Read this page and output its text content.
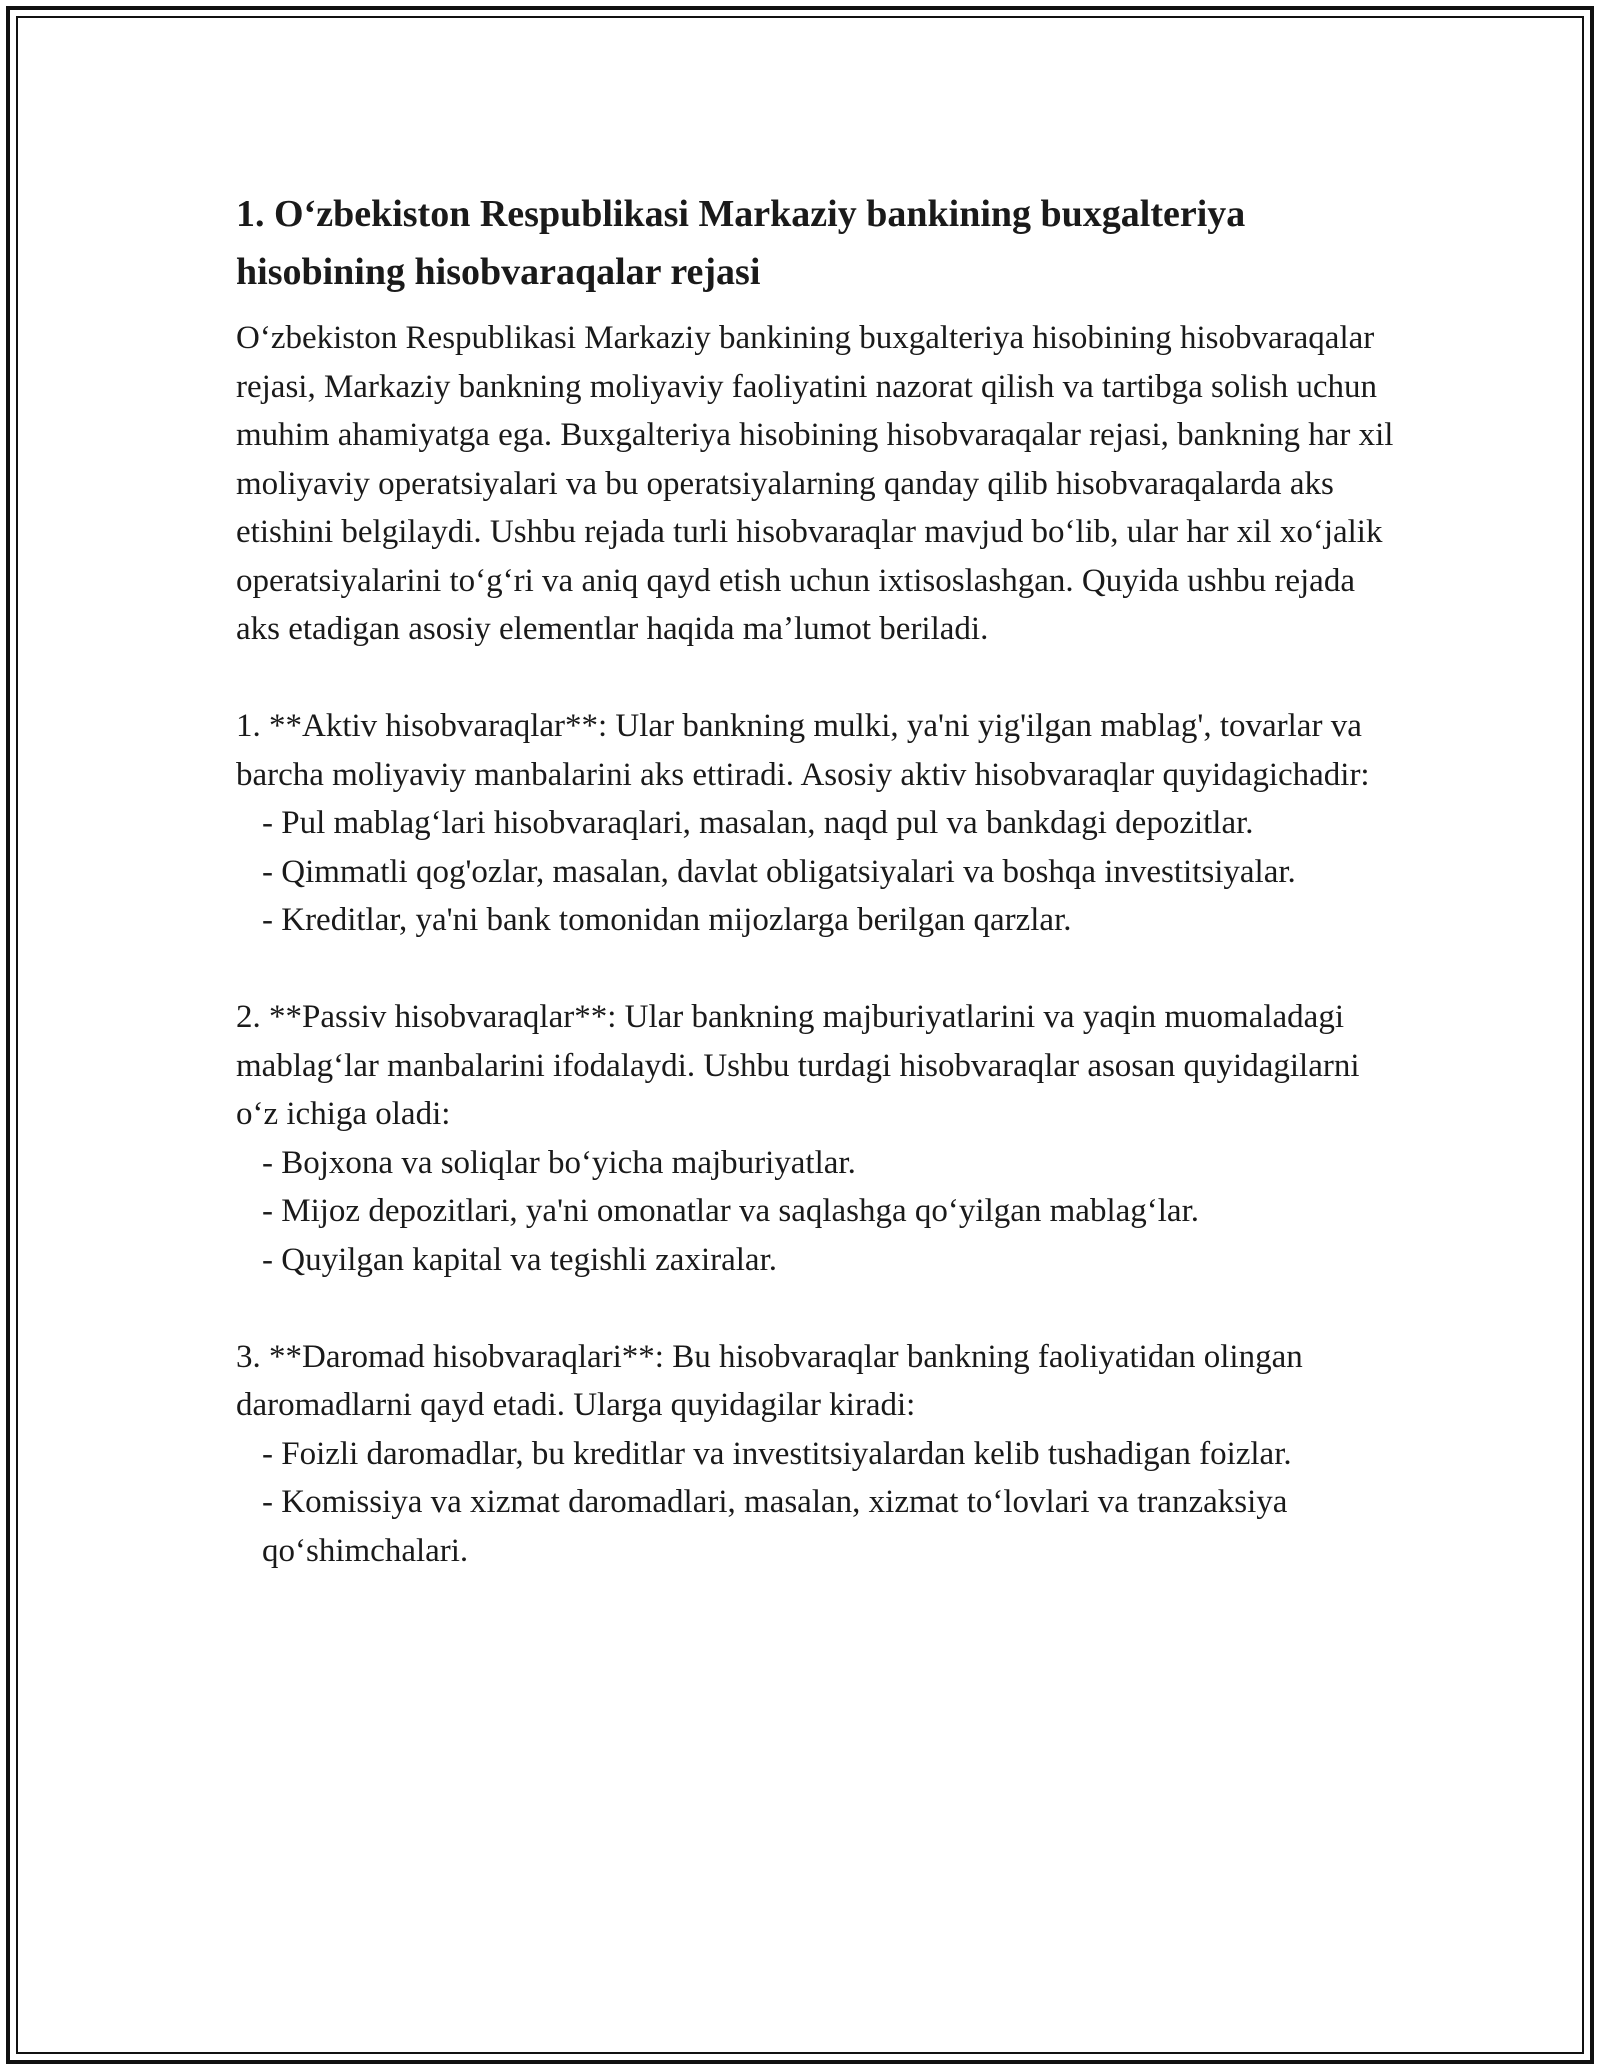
1. Oʻzbekiston Respublikasi Markaziy bankining buxgalteriya hisobining hisobvaraqalar rejasi

Oʻzbekiston Respublikasi Markaziy bankining buxgalteriya hisobining hisobvaraqalar rejasi, Markaziy bankning moliyaviy faoliyatini nazorat qilish va tartibga solish uchun muhim ahamiyatga ega. Buxgalteriya hisobining hisobvaraqalar rejasi, bankning har xil moliyaviy operatsiyalari va bu operatsiyalarning qanday qilib hisobvaraqalarda aks etishini belgilaydi. Ushbu rejada turli hisobvaraqlar mavjud boʻlib, ular har xil xoʻjalik operatsiyalarini toʻgʻri va aniq qayd etish uchun ixtisoslashgan. Quyida ushbu rejada aks etadigan asosiy elementlar haqida maʼlumot beriladi.

1. **Aktiv hisobvaraqlar**: Ular bankning mulki, ya'ni yig'ilgan mablag', tovarlar va barcha moliyaviy manbalarini aks ettiradi. Asosiy aktiv hisobvaraqlar quyidagichadir:
- Pul mablagʻlari hisobvaraqlari, masalan, naqd pul va bankdagi depozitlar.
- Qimmatli qog'ozlar, masalan, davlat obligatsiyalari va boshqa investitsiyalar.
- Kreditlar, ya'ni bank tomonidan mijozlarga berilgan qarzlar.
2. **Passiv hisobvaraqlar**: Ular bankning majburiyatlarini va yaqin muomaladagi mablagʻlar manbalarini ifodalaydi. Ushbu turdagi hisobvaraqlar asosan quyidagilarni oʻz ichiga oladi:
- Bojxona va soliqlar boʻyicha majburiyatlar.
- Mijoz depozitlari, ya'ni omonatlar va saqlashga qoʻyilgan mablagʻlar.
- Quyilgan kapital va tegishli zaxiralar.
3. **Daromad hisobvaraqlari**: Bu hisobvaraqlar bankning faoliyatidan olingan daromadlarni qayd etadi. Ularga quyidagilar kiradi:
- Foizli daromadlar, bu kreditlar va investitsiyalardan kelib tushadigan foizlar.
- Komissiya va xizmat daromadlari, masalan, xizmat toʻlovlari va tranzaksiya qoʻshimchalari.
